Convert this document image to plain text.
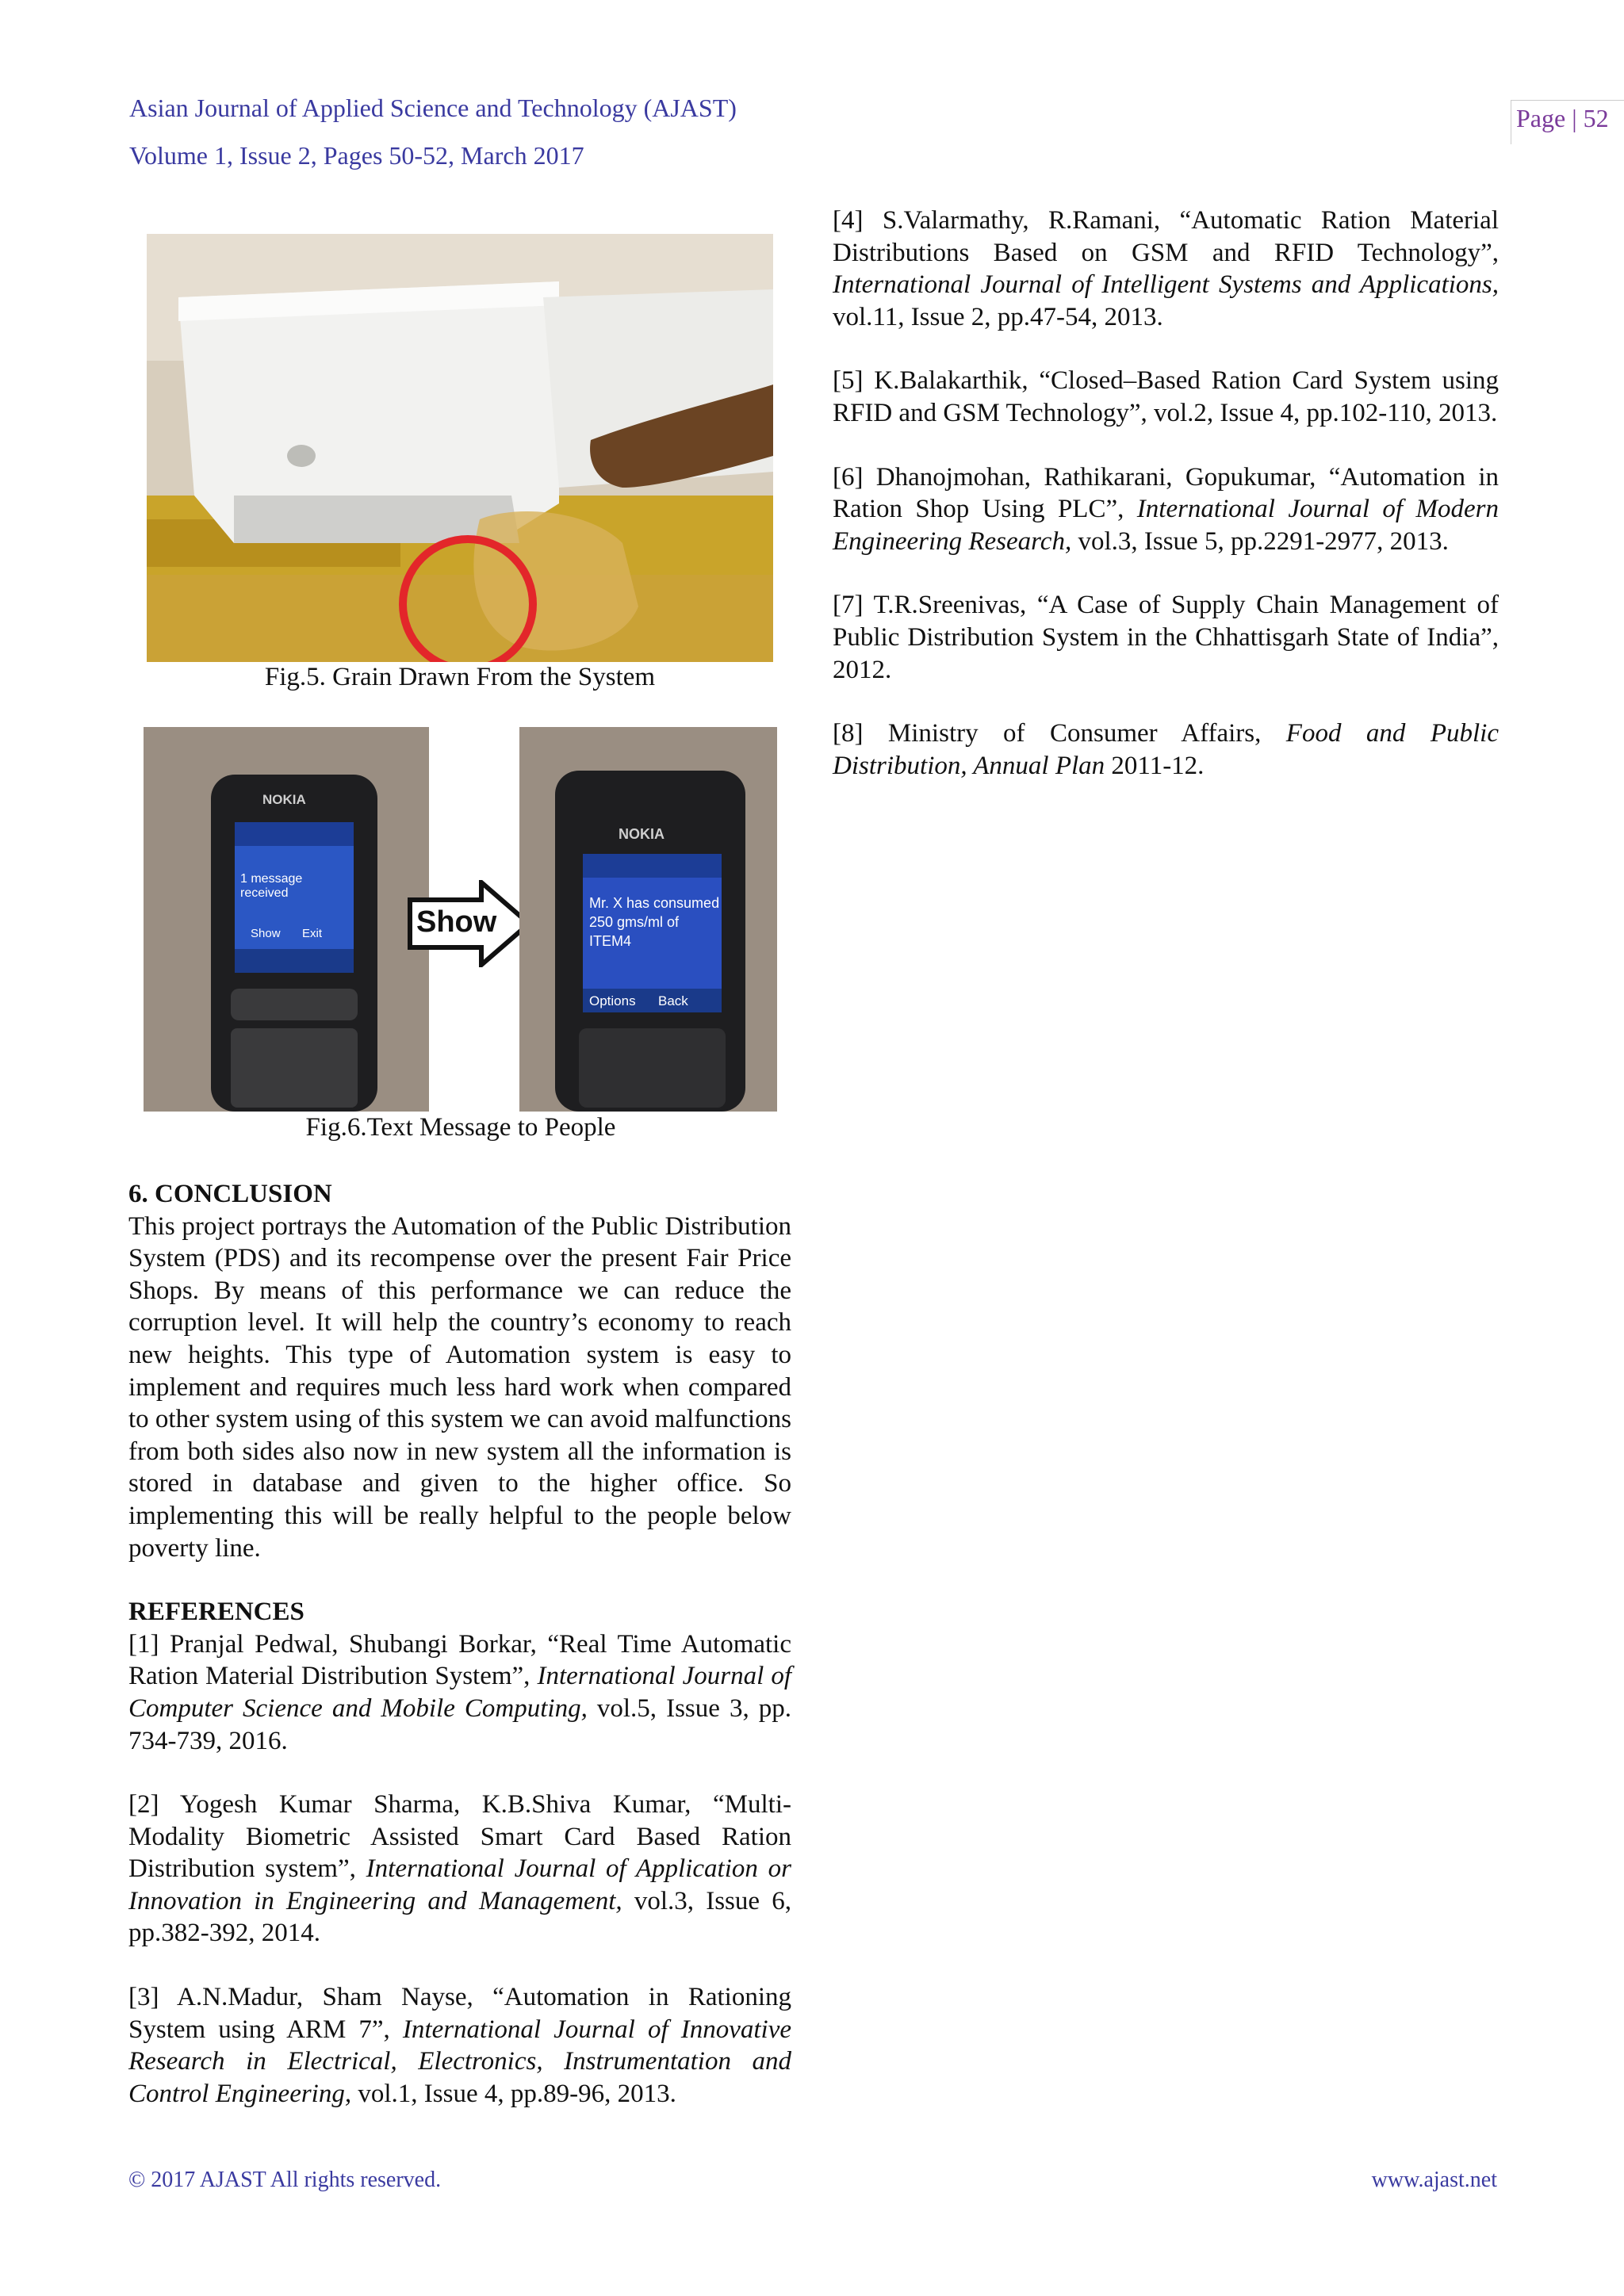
Asian Journal of Applied Science and Technology (AJAST)
Volume 1, Issue 2, Pages 50-52, March 2017
Page | 52
Fig.5. Grain Drawn From the System
NOKIA
1 message
received
Show Exit	Show
NOKIA
Mr. X has consumed
250 gms/ml of
ITEM4
Options Back
Fig.6.Text Message to People
6. CONCLUSION

This project portrays the Automation of the Public Distribution System (PDS) and its recompense over the present Fair Price Shops. By means of this performance we can reduce the corruption level. It will help the country’s economy to reach new heights. This type of Automation system is easy to implement and requires much less hard work when compared to other system using of this system we can avoid malfunctions from both sides also now in new system all the information is stored in database and given to the higher office. So implementing this will be really helpful to the people below poverty line.

REFERENCES

[1] Pranjal Pedwal, Shubangi Borkar, “Real Time Automatic Ration Material Distribution System”, International Journal of Computer Science and Mobile Computing, vol.5, Issue 3, pp. 734-739, 2016.

[2] Yogesh Kumar Sharma, K.B.Shiva Kumar, “Multi-Modality Biometric Assisted Smart Card Based Ration Distribution system”, International Journal of Application or Innovation in Engineering and Management, vol.3, Issue 6, pp.382-392, 2014.

[3] A.N.Madur, Sham Nayse, “Automation in Rationing System using ARM 7”, International Journal of Innovative Research in Electrical, Electronics, Instrumentation and Control Engineering, vol.1, Issue 4, pp.89-96, 2013.

[4] S.Valarmathy, R.Ramani, “Automatic Ration Material Distributions Based on GSM and RFID Technology”, International Journal of Intelligent Systems and Applications, vol.11, Issue 2, pp.47-54, 2013.

[5] K.Balakarthik, “Closed–Based Ration Card System using RFID and GSM Technology”, vol.2, Issue 4, pp.102-110, 2013.

[6] Dhanojmohan, Rathikarani, Gopukumar, “Automation in Ration Shop Using PLC”, International Journal of Modern Engineering Research, vol.3, Issue 5, pp.2291-2977, 2013.

[7] T.R.Sreenivas, “A Case of Supply Chain Management of Public Distribution System in the Chhattisgarh State of India”, 2012.

[8] Ministry of Consumer Affairs, Food and Public Distribution, Annual Plan 2011-12.

© 2017 AJAST All rights reserved.	www.ajast.net
